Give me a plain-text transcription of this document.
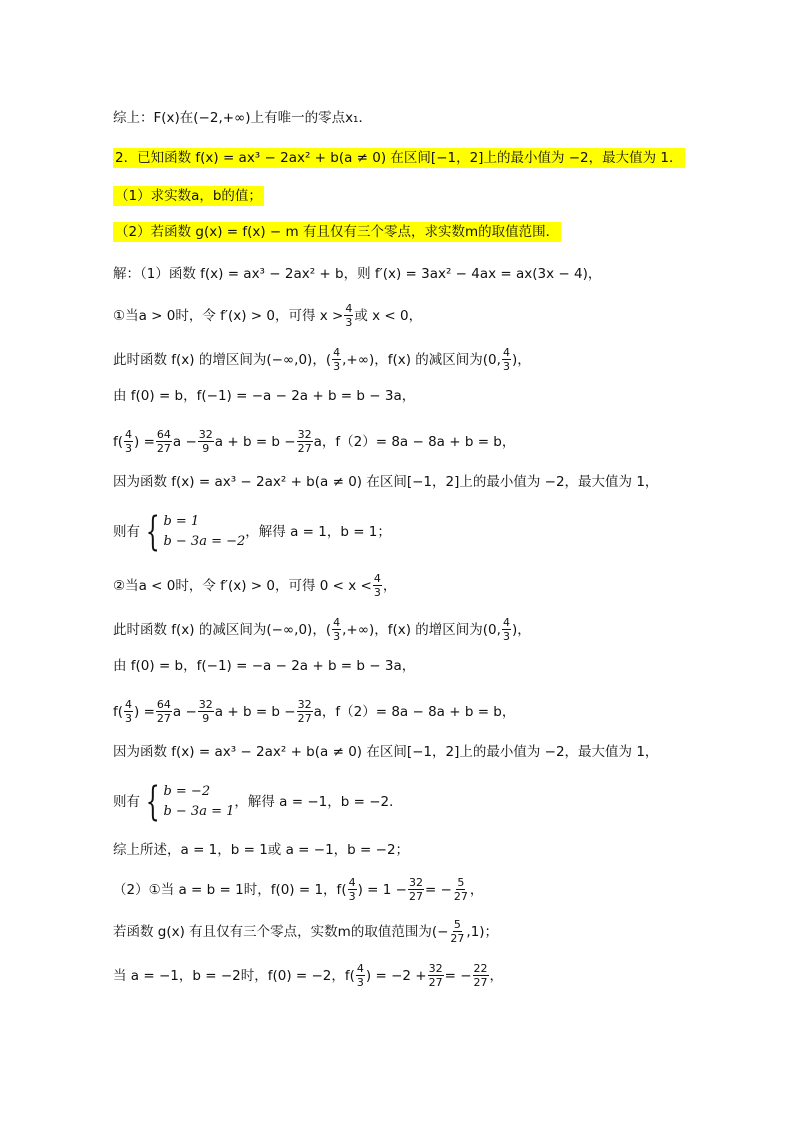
综上：F(x)在(−2,+∞)上有唯一的零点x₁．
2．已知函数 f(x) = ax³ − 2ax² + b(a ≠ 0) 在区间[−1，2]上的最小值为 −2，最大值为 1．
（1）求实数a，b的值；
（2）若函数 g(x) = f(x) − m 有且仅有三个零点，求实数m的取值范围．
解：（1）函数 f(x) = ax³ − 2ax² + b，则 f′(x) = 3ax² − 4ax = ax(3x − 4)，
①当a > 0时，令 f′(x) > 0，可得 $x > \frac{4}{3}$ 或 x < 0，
此时函数 f(x) 的增区间为(−∞,0)，( $\frac{4}{3}$ ,+∞)，f(x) 的减区间为(0, $\frac{4}{3}$ )，
由 f(0) = b，f(−1) = −a − 2a + b = b − 3a，
$f( \frac{4}{3}$ ) = $\frac{64}{27}$ $a - \frac{32}{9}$ $a + b = b - \frac{32}{27}$ a，f（2）= 8a − 8a + b = b，
因为函数 f(x) = ax³ − 2ax² + b(a ≠ 0) 在区间[−1，2]上的最小值为 −2，最大值为 1，
则有 { b = 1
b − 3a = −2
，解得 a = 1，b = 1；
②当a < 0时，令 f′(x) > 0，可得 $0 < x < \frac{4}{3}$ ，
此时函数 f(x) 的减区间为(−∞,0)，( $\frac{4}{3}$ ,+∞)，f(x) 的增区间为(0, $\frac{4}{3}$ )，
由 f(0) = b，f(−1) = −a − 2a + b = b − 3a，
$f( \frac{4}{3}$ ) = $\frac{64}{27}$ $a - \frac{32}{9}$ $a + b = b - \frac{32}{27}$ a，f（2）= 8a − 8a + b = b，
因为函数 f(x) = ax³ − 2ax² + b(a ≠ 0) 在区间[−1，2]上的最小值为 −2，最大值为 1，
则有 { b = −2
b − 3a = 1
，解得 a = −1，b = −2．
综上所述，a = 1，b = 1或 a = −1，b = −2；
（2）①当 a = b = 1时，f(0) = 1，$f( \frac{4}{3}$ ) = $1 - \frac{32}{27}$ = − $\frac{5}{27}$ ，
若函数 g(x) 有且仅有三个零点，实数m的取值范围为(− $\frac{5}{27} ,1$)；
当 a = −1，b = −2时，f(0) = −2，$f( \frac{4}{3}$ ) = $-2 + \frac{32}{27}$ = − $\frac{22}{27}$ ，
